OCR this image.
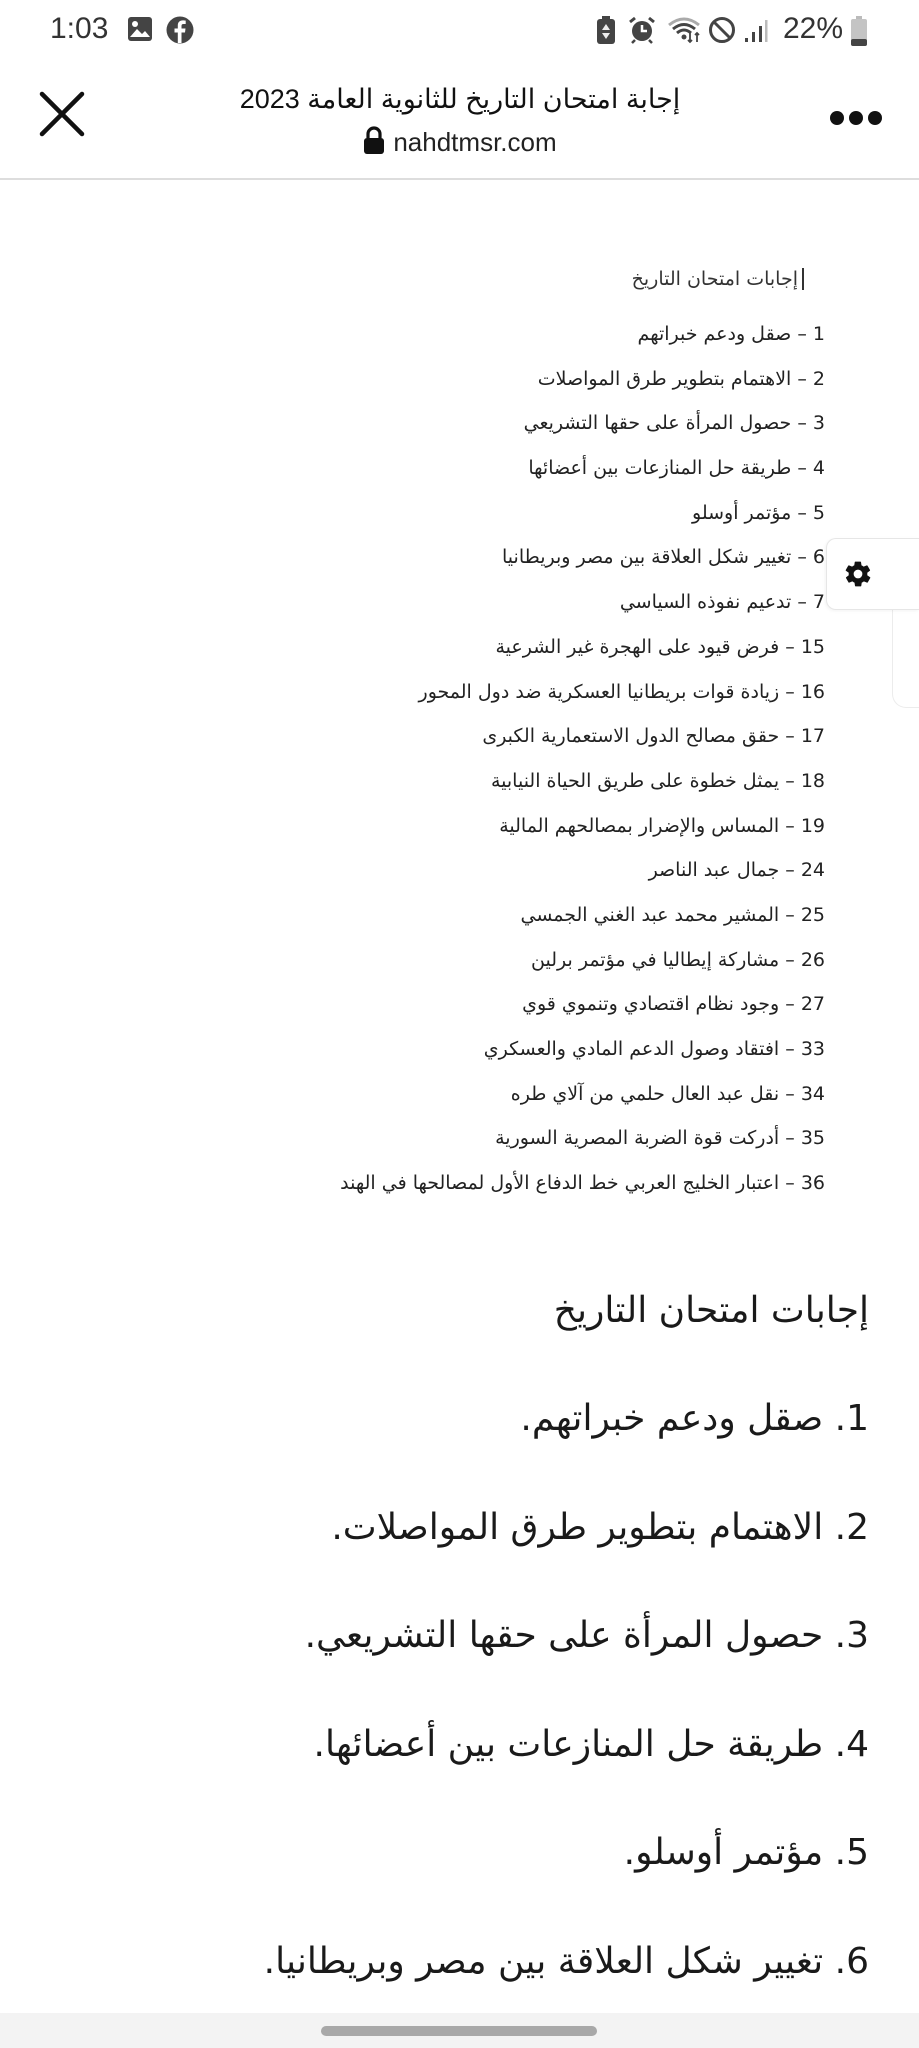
1:03	22%
إجابة امتحان التاريخ للثانوية العامة 2023
nahdtmsr.com
إجابات امتحان التاريخ
1 – صقل ودعم خبراتهم
2 – الاهتمام بتطوير طرق المواصلات
3 – حصول المرأة على حقها التشريعي
4 – طريقة حل المنازعات بين أعضائها
5 – مؤتمر أوسلو
6 – تغيير شكل العلاقة بين مصر وبريطانيا
7 – تدعيم نفوذه السياسي
15 – فرض قيود على الهجرة غير الشرعية
16 – زيادة قوات بريطانيا العسكرية ضد دول المحور
17 – حقق مصالح الدول الاستعمارية الكبرى
18 – يمثل خطوة على طريق الحياة النيابية
19 – المساس والإضرار بمصالحهم المالية
24 – جمال عبد الناصر
25 – المشير محمد عبد الغني الجمسي
26 – مشاركة إيطاليا في مؤتمر برلين
27 – وجود نظام اقتصادي وتنموي قوي
33 – افتقاد وصول الدعم المادي والعسكري
34 – نقل عبد العال حلمي من آلاي طره
35 – أدركت قوة الضربة المصرية السورية
36 – اعتبار الخليج العربي خط الدفاع الأول لمصالحها في الهند
إجابات امتحان التاريخ
1. صقل ودعم خبراتهم.
2. الاهتمام بتطوير طرق المواصلات.
3. حصول المرأة على حقها التشريعي.
4. طريقة حل المنازعات بين أعضائها.
5. مؤتمر أوسلو.
6. تغيير شكل العلاقة بين مصر وبريطانيا.
